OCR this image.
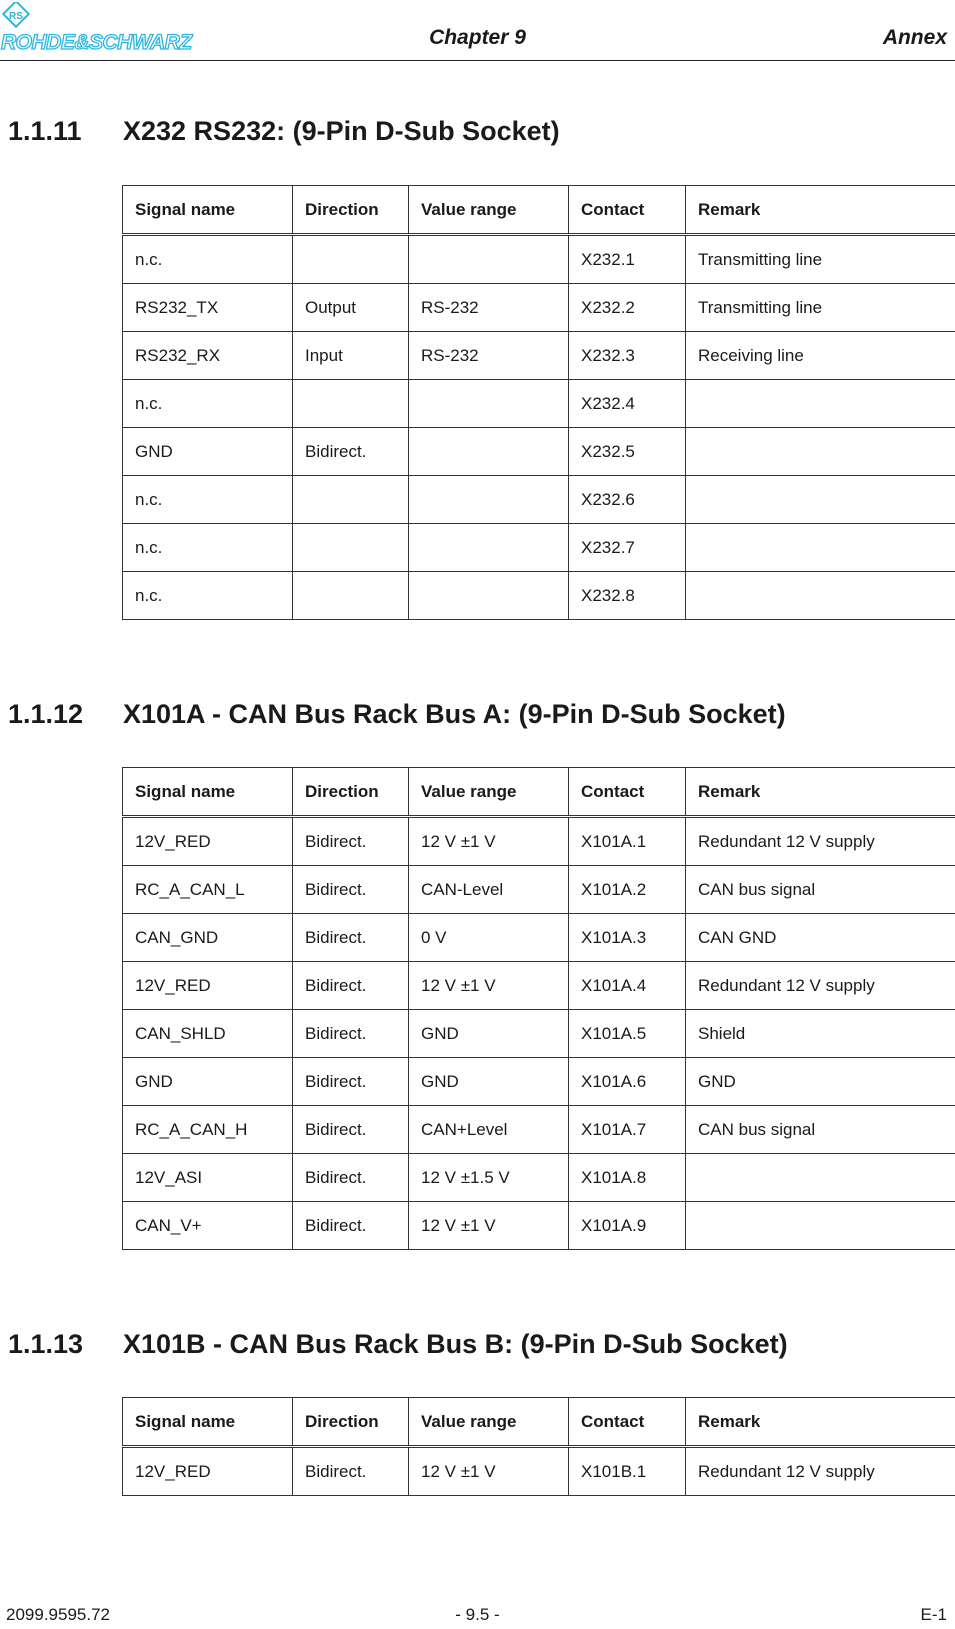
RS
ROHDE&SCHWARZ	Chapter 9	Annex
1.1.11 X232 RS232: (9-Pin D-Sub Socket)
Signal name	Direction	Value range	Contact	Remark
n.c.			X232.1	Transmitting line
RS232_TX	Output	RS-232	X232.2	Transmitting line
RS232_RX	Input	RS-232	X232.3	Receiving line
n.c.			X232.4	
GND	Bidirect.		X232.5	
n.c.			X232.6	
n.c.			X232.7	
n.c.			X232.8	
1.1.12 X101A - CAN Bus Rack Bus A: (9-Pin D-Sub Socket)
Signal name	Direction	Value range	Contact	Remark
12V_RED	Bidirect.	12 V ±1 V	X101A.1	Redundant 12 V supply
RC_A_CAN_L	Bidirect.	CAN-Level	X101A.2	CAN bus signal
CAN_GND	Bidirect.	0 V	X101A.3	CAN GND
12V_RED	Bidirect.	12 V ±1 V	X101A.4	Redundant 12 V supply
CAN_SHLD	Bidirect.	GND	X101A.5	Shield
GND	Bidirect.	GND	X101A.6	GND
RC_A_CAN_H	Bidirect.	CAN+Level	X101A.7	CAN bus signal
12V_ASI	Bidirect.	12 V ±1.5 V	X101A.8	
CAN_V+	Bidirect.	12 V ±1 V	X101A.9	
1.1.13 X101B - CAN Bus Rack Bus B: (9-Pin D-Sub Socket)
Signal name	Direction	Value range	Contact	Remark
12V_RED	Bidirect.	12 V ±1 V	X101B.1	Redundant 12 V supply
2099.9595.72	- 9.5 -	E-1
